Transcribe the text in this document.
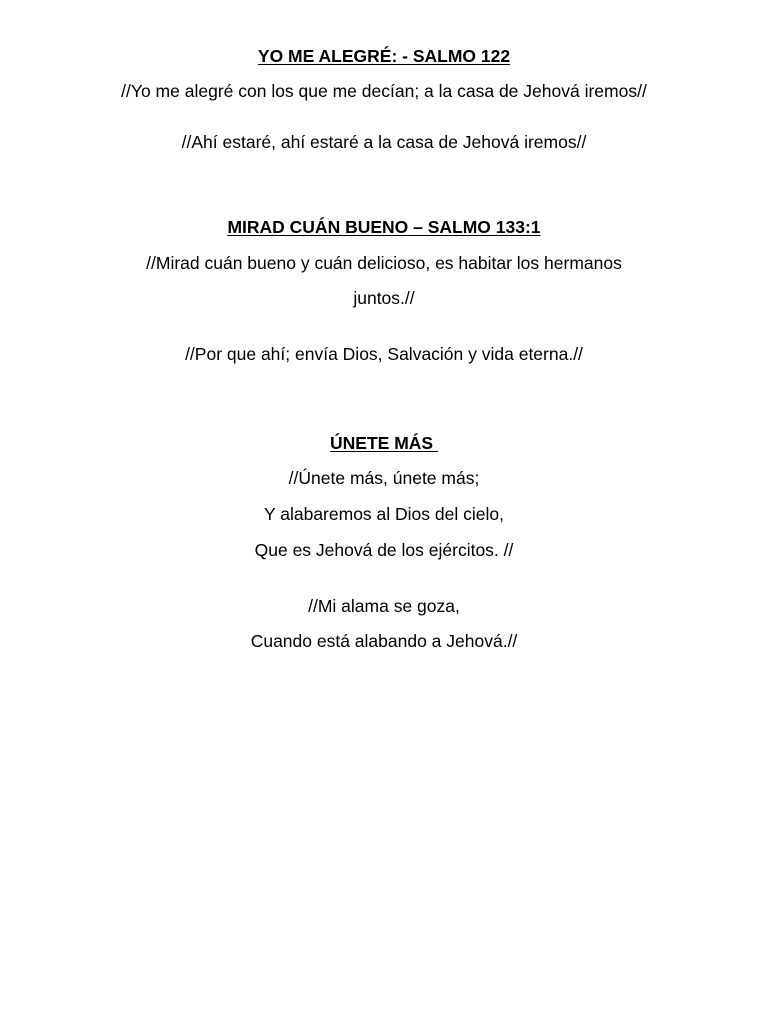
YO ME ALEGRÉ: - SALMO 122
//Yo me alegré con los que me decían; a la casa de Jehová iremos//
//Ahí estaré, ahí estaré a la casa de Jehová iremos//
MIRAD CUÁN BUENO – SALMO 133:1
//Mirad cuán bueno y cuán delicioso, es habitar los hermanos
juntos.//
//Por que ahí; envía Dios, Salvación y vida eterna.//
ÚNETE MÁS
//Únete más, únete más;
Y alabaremos al Dios del cielo,
Que es Jehová de los ejércitos. //
//Mi alama se goza,
Cuando está alabando a Jehová.//
